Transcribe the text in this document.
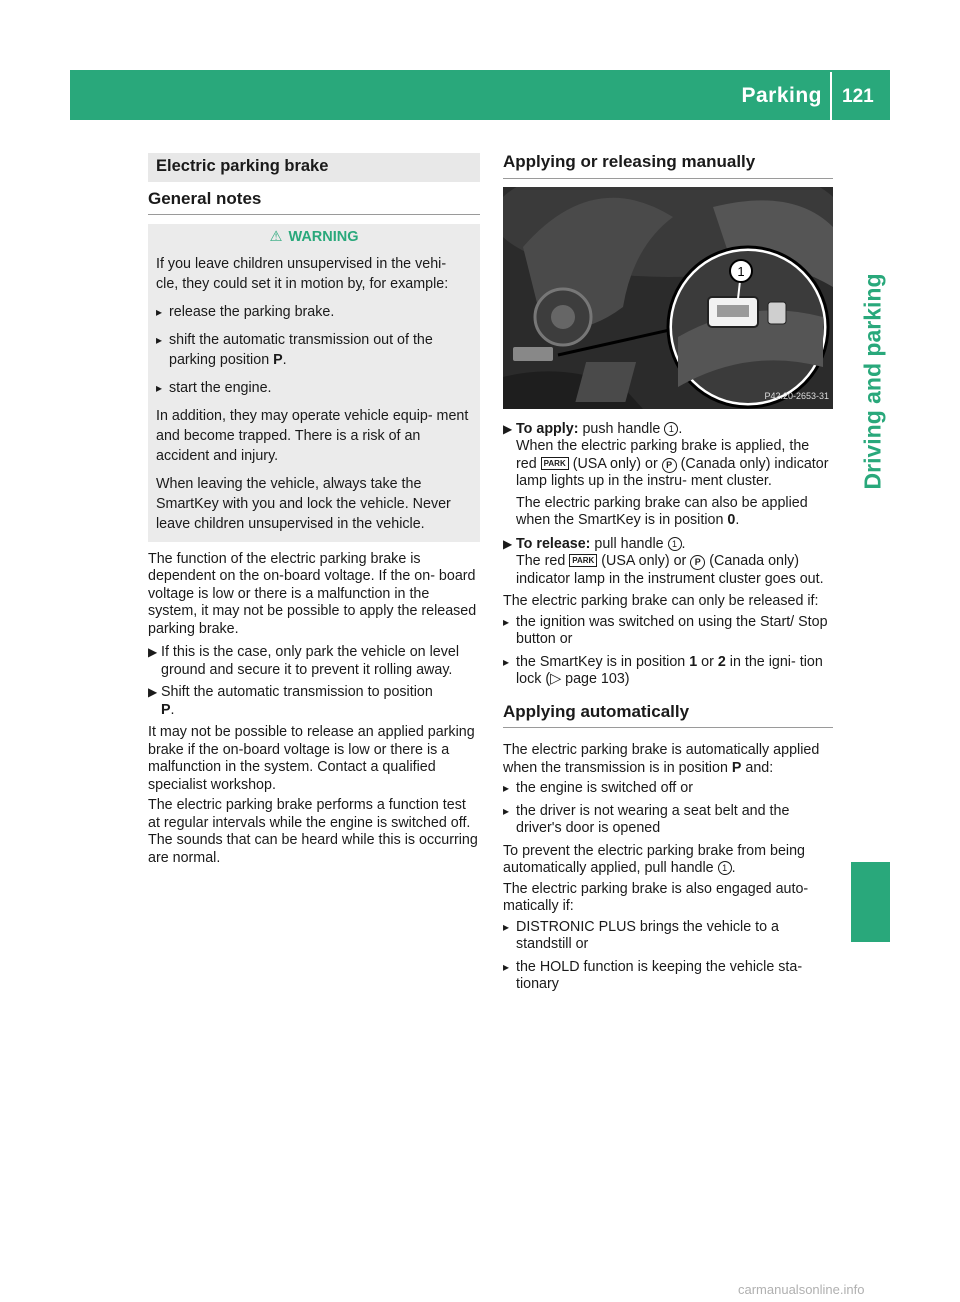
Parking 121
Driving and parking
Electric parking brake
General notes
⚠ WARNING

If you leave children unsupervised in the vehi- cle, they could set it in motion by, for example:

▸ release the parking brake.
▸ shift the automatic transmission out of the parking position P.
▸ start the engine.

In addition, they may operate vehicle equip- ment and become trapped. There is a risk of an accident and injury.

When leaving the vehicle, always take the SmartKey with you and lock the vehicle. Never leave children unsupervised in the vehicle.

The function of the electric parking brake is dependent on the on-board voltage. If the on- board voltage is low or there is a malfunction in the system, it may not be possible to apply the released parking brake.
▶ If this is the case, only park the vehicle on level ground and secure it to prevent it rolling away.
▶ Shift the automatic transmission to position
P.
It may not be possible to release an applied parking brake if the on-board voltage is low or there is a malfunction in the system. Contact a qualified specialist workshop.
The electric parking brake performs a function test at regular intervals while the engine is switched off. The sounds that can be heard while this is occurring are normal.
Applying or releasing manually
1
P42.20-2653-31
▶ To apply: push handle 1 .
When the electric parking brake is applied, the red PARK (USA only) or P (Canada only) indicator lamp lights up in the instru- ment cluster.
The electric parking brake can also be applied when the SmartKey is in position 0.
▶ To release: pull handle 1 .
The red PARK (USA only) or P (Canada only) indicator lamp in the instrument cluster goes out.
The electric parking brake can only be released if:
▸ the ignition was switched on using the Start/ Stop button or
▸ the SmartKey is in position 1 or 2 in the igni- tion lock (▷ page 103)
Applying automatically
The electric parking brake is automatically applied when the transmission is in position P and:
▸ the engine is switched off or
▸ the driver is not wearing a seat belt and the driver's door is opened
To prevent the electric parking brake from being automatically applied, pull handle 1 .
The electric parking brake is also engaged auto- matically if:
▸ DISTRONIC PLUS brings the vehicle to a standstill or
▸ the HOLD function is keeping the vehicle sta- tionary
carmanualsonline.info
